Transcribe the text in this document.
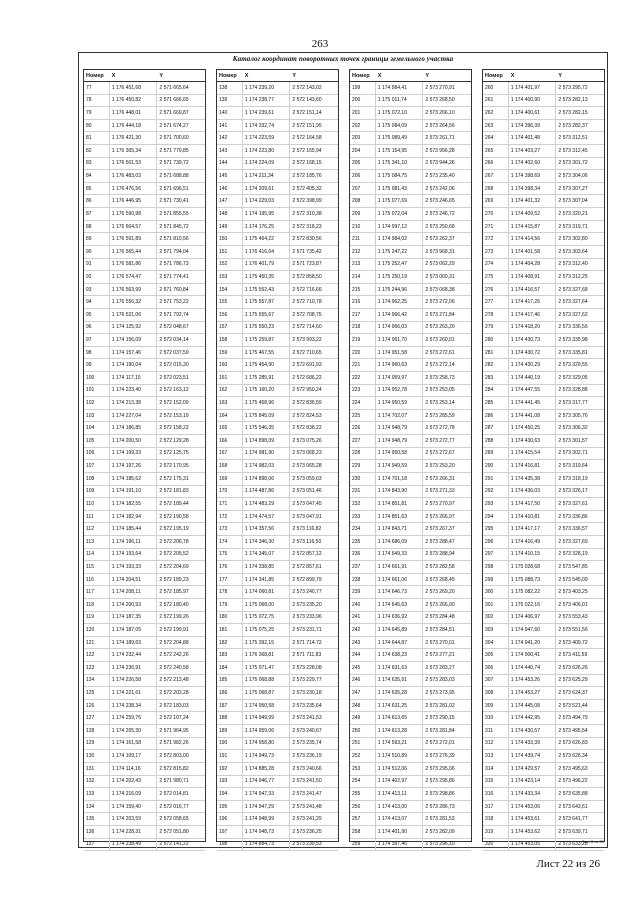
263
Каталог координат поворотных точек границы земельного участка
Номер	X	Y
77	1 176 451,68	2 571 665,64
78	1 176 450,82	2 571 666,65
79	1 176 448,01	2 571 669,87
80	1 176 444,18	2 571 674,27
81	1 176 421,30	2 571 700,60
82	1 176 305,34	2 571 779,85
83	1 176 501,53	2 571 739,72
84	1 176 483,03	2 571 688,88
85	1 176 476,56	2 571 696,51
86	1 176 446,95	2 571 730,41
87	1 176 590,98	2 571 855,55
88	1 176 604,57	2 571 845,72
89	1 176 591,89	2 571 810,56
90	1 176 565,44	2 571 794,04
91	1 176 581,86	2 571 786,73
92	1 176 574,47	2 571 774,41
93	1 176 563,99	2 571 760,84
94	1 176 556,32	2 571 753,22
95	1 176 521,06	2 571 792,74
96	1 174 125,92	2 572 048,67
97	1 174 156,09	2 572 034,14
98	1 174 157,46	2 572 037,59
99	1 174 190,04	2 572 015,30
100	1 174 117,15	2 572 023,51
101	1 174 223,40	2 572 163,12
102	1 174 213,38	2 572 152,09
103	1 174 227,04	2 572 153,19
104	1 174 186,85	2 572 158,22
105	1 174 200,50	2 572 129,28
106	1 174 199,33	2 572 125,75
107	1 174 197,26	2 572 170,95
108	1 174 185,62	2 572 175,31
109	1 174 191,10	2 572 181,83
110	1 174 182,55	2 572 189,44
111	1 174 182,94	2 572 190,58
112	1 174 185,44	2 572 195,19
113	1 174 196,11	2 572 206,78
114	1 174 193,64	2 572 205,52
115	1 174 193,33	2 572 204,69
116	1 174 204,51	2 572 189,23
117	1 174 208,11	2 572 185,97
118	1 174 200,93	2 572 180,40
119	1 174 187,35	2 572 199,26
120	1 174 187,05	2 572 199,91
121	1 174 189,63	2 572 204,88
122	1 174 232,44	2 572 242,26
123	1 174 236,91	2 572 240,58
124	1 174 226,58	2 572 213,48
125	1 174 221,61	2 572 203,28
126	1 174 238,34	2 572 183,03
127	1 174 259,76	2 572 107,24
128	1 174 205,30	2 571 964,95
129	1 174 161,58	2 571 982,26
130	1 174 109,17	2 572 803,00
131	1 174 114,16	2 572 815,82
132	1 174 202,43	2 571 980,71
133	1 174 216,09	2 572 014,81
134	1 174 159,40	2 572 016,77
135	1 174 203,59	2 572 058,65
136	1 174 228,31	2 572 051,80
137	1 174 238,49	2 572 141,22
Номер	X	Y
138	1 174 239,20	2 572 143,02
139	1 174 238,77	2 572 143,60
140	1 174 239,61	2 572 151,14
141	1 174 332,74	2 572 151,95
142	1 174 223,59	2 572 164,58
143	1 174 223,80	2 572 165,94
144	1 174 224,09	2 572 168,15
145	1 174 211,34	2 572 185,76
146	1 174 209,61	2 572 405,32
147	1 174 229,03	2 572 398,99
148	1 174 195,95	2 572 310,38
149	1 174 176,25	2 572 318,23
150	1 175 464,22	2 572 830,56
151	1 176 416,64	2 571 735,42
152	1 176 401,79	2 571 723,87
153	1 175 450,35	2 572 858,50
154	1 175 552,43	2 572 716,66
155	1 175 557,87	2 572 710,78
156	1 175 555,67	2 572 708,75
157	1 175 550,23	2 572 714,60
158	1 175 259,87	2 573 993,22
159	1 175 467,55	2 572 710,65
160	1 175 454,90	2 572 691,93
161	1 175 285,91	2 572 686,22
162	1 175 160,20	2 572 950,24
163	1 175 458,96	2 572 836,59
164	1 175 845,09	2 572 824,53
165	1 175 546,35	2 572 838,22
166	1 174 898,09	2 573 075,26
167	1 174 981,90	2 573 068,23
168	1 174 982,03	2 573 065,28
169	1 174 898,06	2 573 059,03
170	1 174 487,86	2 573 051,46
171	1 174 483,29	2 573 047,45
172	1 174 474,57	2 573 047,91
173	1 174 357,56	2 573 116,82
174	1 174 346,30	2 573 116,50
175	1 174 345,07	2 572 857,12
176	1 174 338,85	2 572 857,61
177	1 174 341,85	2 572 899,79
178	1 174 060,81	2 573 240,77
179	1 175 068,00	2 573 235,20
180	1 175 072,75	2 573 233,96
181	1 175 075,25	2 573 231,71
182	1 175 392,15	2 571 714,72
183	1 176 368,81	2 571 711,83
184	1 175 071,47	2 573 228,08
185	1 175 068,88	2 573 229,77
186	1 175 068,87	2 573 230,18
187	1 174 950,58	2 573 235,64
188	1 174 949,99	2 573 241,53
189	1 174 959,06	2 573 240,67
190	1 174 958,80	2 573 235,74
191	1 174 949,73	2 573 236,19
192	1 174 885,28	2 573 240,66
193	1 174 946,77	2 573 241,50
194	1 174 947,33	2 573 241,47
195	1 174 947,29	2 573 241,48
196	1 174 948,99	2 573 241,29
197	1 174 948,73	2 573 236,25
198	1 174 884,73	2 573 239,53
Номер	X	Y
199	1 174 984,41	2 573 270,91
200	1 175 011,74	2 573 268,50
201	1 175 072,10	2 573 266,10
202	1 175 084,09	2 573 264,56
203	1 175 089,49	2 573 261,71
204	1 175 154,95	2 573 956,28
205	1 175 341,10	2 573 944,26
206	1 175 084,75	2 573 235,40
207	1 175 081,43	2 573 242,06
208	1 175 077,69	2 573 246,65
209	1 175 072,04	2 573 246,72
210	1 174 997,12	2 573 250,68
211	1 174 984,02	2 573 262,37
212	1 175 247,22	2 573 968,31
213	1 175 252,47	2 573 062,29
214	1 175 250,19	2 573 060,31
215	1 175 244,96	2 573 068,38
216	1 174 962,25	2 573 272,06
217	1 174 966,42	2 573 271,84
218	1 174 966,03	2 573 263,20
219	1 174 961,70	2 573 260,01
220	1 174 951,58	2 573 272,61
221	1 174 960,63	2 573 272,14
222	1 174 959,97	2 573 258,73
223	1 174 952,78	2 573 253,05
224	1 174 950,59	2 573 253,14
225	1 174 702,07	2 573 285,59
226	1 174 948,79	2 573 272,78
227	1 174 948,79	2 573 272,77
228	1 174 950,58	2 573 272,67
229	1 174 949,59	2 573 253,20
230	1 174 701,18	2 573 266,31
231	1 174 843,90	2 573 271,33
232	1 174 851,81	2 573 270,97
233	1 174 851,63	2 573 266,97
234	1 174 843,71	2 573 267,37
235	1 174 686,09	2 573 288,47
236	1 174 649,33	2 573 288,94
237	1 174 661,91	2 573 282,58
238	1 174 661,06	2 573 268,45
239	1 174 646,73	2 573 269,20
240	1 174 645,63	2 573 266,90
241	1 174 636,92	2 573 284,48
242	1 174 645,89	2 573 284,51
243	1 174 644,87	2 573 270,01
244	1 174 638,23	2 573 277,21
245	1 174 631,63	2 573 283,27
246	1 174 635,91	2 573 283,03
247	1 174 635,28	2 573 273,95
248	1 174 631,25	2 573 281,02
249	1 174 613,65	2 573 290,15
250	1 174 613,28	2 573 281,84
251	1 174 593,21	2 573 272,01
252	1 174 510,89	2 573 276,39
253	1 174 512,06	2 573 295,06
254	1 174 402,97	2 573 295,86
255	1 174 413,11	2 573 298,86
256	1 174 413,00	2 573 286,73
257	1 174 413,07	2 573 281,53
258	1 174 401,90	2 573 282,09
259	1 174 397,46	2 573 296,10
Номер	X	Y
260	1 174 401,97	2 573 295,72
261	1 174 400,90	2 573 282,13
262	1 174 400,61	2 573 282,15
263	1 174 396,39	2 573 282,37
264	1 174 401,48	2 573 312,51
265	1 174 403,27	2 573 312,45
266	1 174 402,60	2 573 301,72
267	1 174 398,69	2 573 304,06
268	1 174 398,34	2 573 307,27
269	1 174 401,32	2 573 307,04
270	1 174 409,52	2 573 320,21
271	1 174 415,87	2 573 319,71
272	1 174 414,56	2 573 302,80
273	1 174 401,58	2 573 303,64
274	1 174 404,28	2 573 312,40
275	1 174 408,91	2 573 312,25
276	1 174 416,57	2 573 327,68
277	1 174 417,26	2 573 327,64
278	1 174 417,46	2 573 327,62
279	1 174 418,20	2 573 336,56
280	1 174 430,73	2 573 335,98
281	1 174 430,72	2 573 335,81
282	1 174 430,29	2 573 329,55
283	1 174 440,19	2 573 329,05
284	1 174 447,55	2 573 328,88
285	1 174 441,45	2 573 317,77
286	1 174 441,08	2 573 305,76
287	1 174 450,25	2 573 306,32
288	1 174 430,63	2 573 301,57
289	1 174 415,54	2 573 302,71
290	1 174 416,81	2 573 319,64
291	1 174 435,38	2 573 318,19
292	1 174 436,03	2 573 326,17
293	1 174 417,50	2 573 327,61
294	1 174 410,81	2 573 336,86
295	1 174 417,17	2 573 336,57
296	1 174 416,49	2 573 327,69
297	1 174 410,15	2 573 328,19
298	1 175 028,68	2 573 547,85
299	1 175 088,73	2 573 545,09
300	1 175 082,22	2 573 403,25
301	1 175 022,16	2 573 406,01
302	1 174 406,97	2 573 553,43
303	1 174 947,60	2 573 551,56
304	1 174 941,20	2 573 409,72
305	1 174 900,41	2 573 411,59
306	1 174 440,74	2 573 626,26
307	1 174 453,26	2 573 625,29
308	1 174 453,27	2 573 624,37
309	1 174 445,08	2 573 521,44
310	1 174 442,95	2 573 494,79
311	1 174 430,57	2 573 495,54
312	1 174 433,39	2 573 626,83
313	1 174 439,74	2 573 626,34
314	1 174 429,57	2 573 495,63
315	1 174 423,14	2 573 496,22
316	1 174 433,34	2 573 635,88
317	1 174 453,06	2 573 643,61
318	1 174 453,61	2 573 641,77
319	1 174 453,62	2 573 639,71
320	1 174 453,05	2 573 633,28
Лист 8 из 30
Лист 22 из 26
